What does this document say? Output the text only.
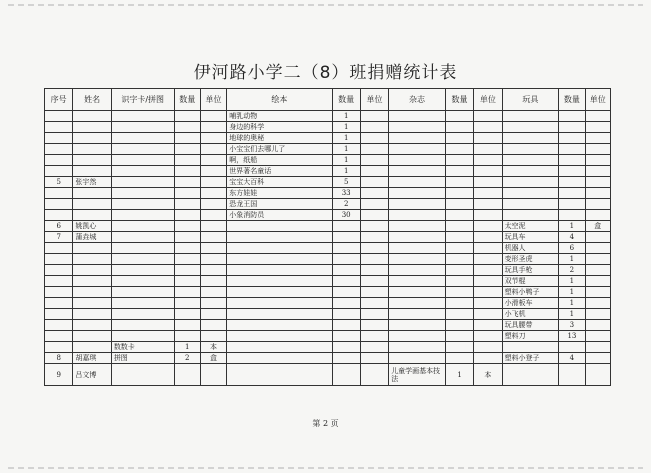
伊河路小学二（8）班捐赠统计表
序号	姓名	识字卡/拼图	数量	单位	绘本	数量	单位	杂志	数量	单位	玩具	数量	单位
					哺乳动物	1							
					身边的科学	1							
					地球的奥秘	1							
					小宝宝们去哪儿了	1							
					啊，纸船	1							
					世界著名童话	1							
5	张宇然				宝宝大百科	5							
					东方娃娃	33							
					恐龙王国	2							
					小象消防员	30							
6	姚凯心										太空泥	1	盒
7	蒲垚城										玩具车	4	
											机器人	6	
											变形圣虎	1	
											玩具手枪	2	
											双节棍	1	
											塑料小鸭子	1	
											小滑板车	1	
											小飞机	1	
											玩具腰带	3	
											塑料刀	13	
		数数卡	1	本									
8	胡嘉琪	拼图	2	盒							塑料小登子	4	
9	吕文博							儿童学画基本技法	1	本			
第 2 页
